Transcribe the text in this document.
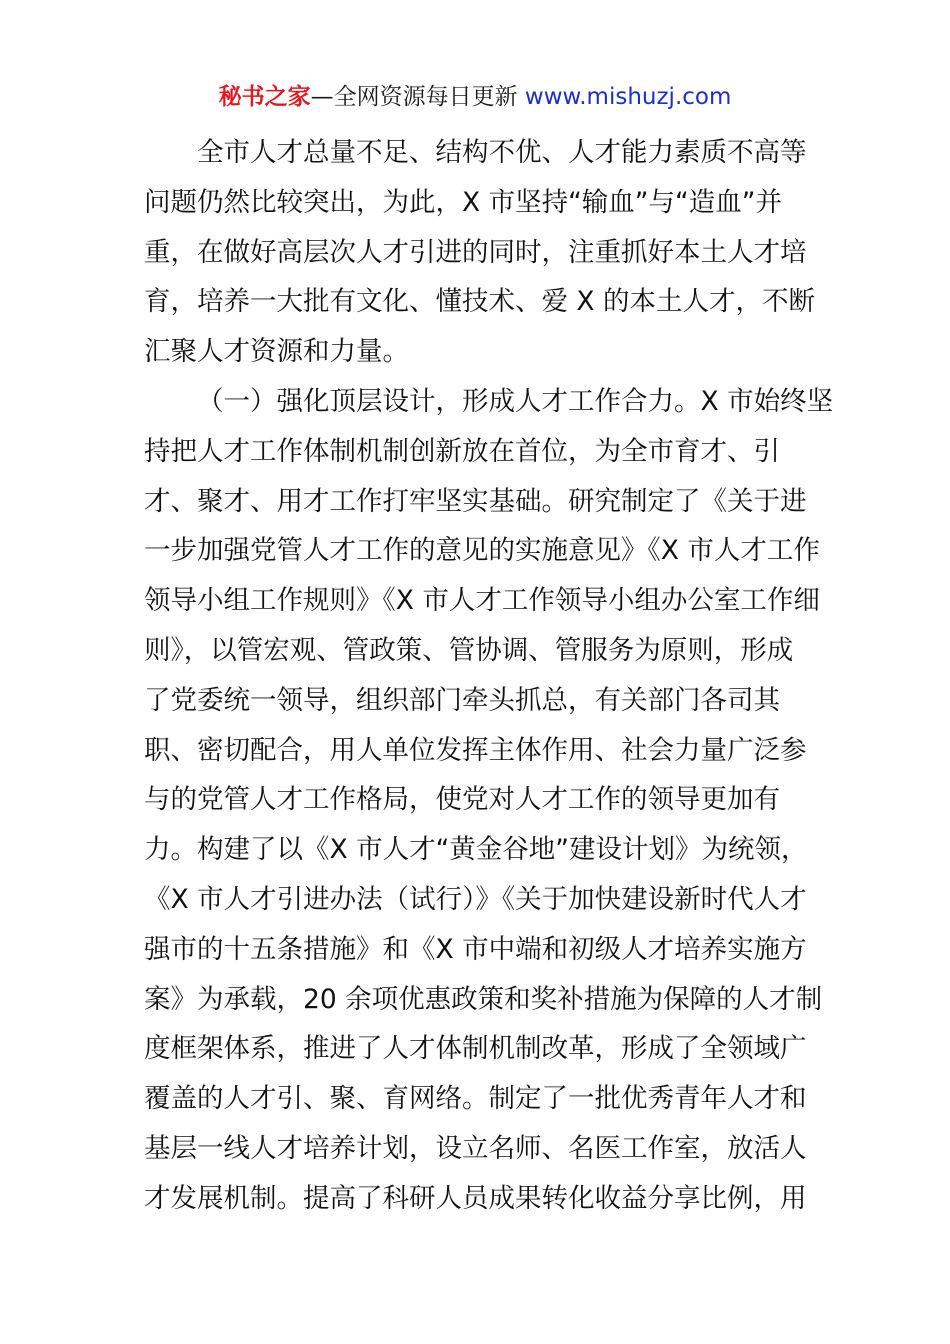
秘书之家—全网资源每日更新 www.mishuzj.com
全市人才总量不足、结构不优、人才能力素质不高等
问题仍然比较突出，为此，X 市坚持“输血”与“造血”并
重，在做好高层次人才引进的同时，注重抓好本土人才培
育，培养一大批有文化、懂技术、爱 X 的本土人才，不断
汇聚人才资源和力量。
（一）强化顶层设计，形成人才工作合力。X 市始终坚
持把人才工作体制机制创新放在首位，为全市育才、引
才、聚才、用才工作打牢坚实基础。研究制定了《关于进
一步加强党管人才工作的意见的实施意见》《X 市人才工作
领导小组工作规则》《X 市人才工作领导小组办公室工作细
则》，以管宏观、管政策、管协调、管服务为原则，形成
了党委统一领导，组织部门牵头抓总，有关部门各司其
职、密切配合，用人单位发挥主体作用、社会力量广泛参
与的党管人才工作格局，使党对人才工作的领导更加有
力。构建了以《X 市人才“黄金谷地”建设计划》为统领，
《X 市人才引进办法（试行）》《关于加快建设新时代人才
强市的十五条措施》和《X 市中端和初级人才培养实施方
案》为承载，20 余项优惠政策和奖补措施为保障的人才制
度框架体系，推进了人才体制机制改革，形成了全领域广
覆盖的人才引、聚、育网络。制定了一批优秀青年人才和
基层一线人才培养计划，设立名师、名医工作室，放活人
才发展机制。提高了科研人员成果转化收益分享比例，用
